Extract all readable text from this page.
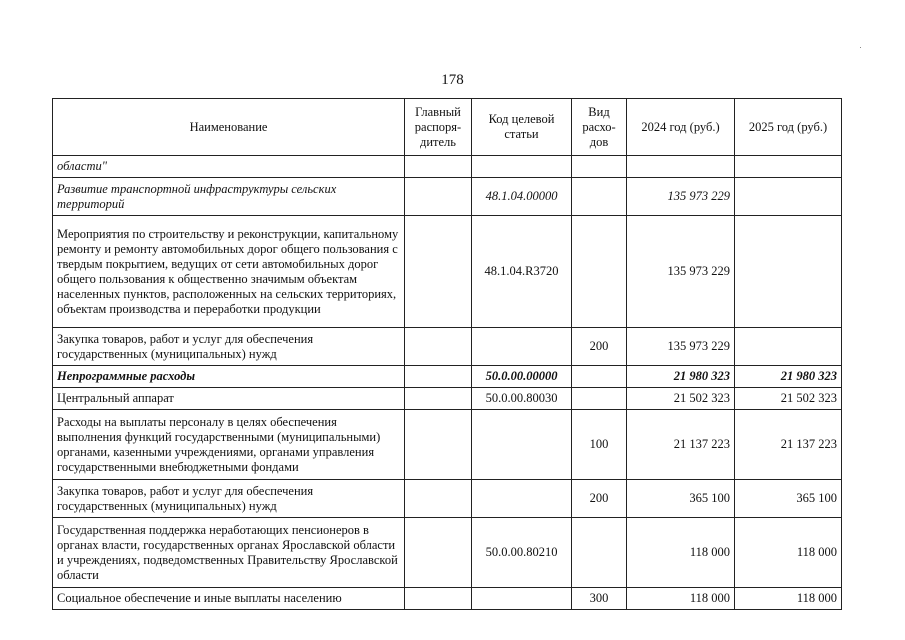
178
Наименование	Главный распоря-дитель	Код целевой статьи	Вид расхо-дов	2024 год (руб.)	2025 год (руб.)
области"					
Развитие транспортной инфраструктуры сельских территорий		48.1.04.00000		135 973 229	
Мероприятия по строительству и реконструкции, капитальному ремонту и ремонту автомобильных дорог общего пользования с твердым покрытием, ведущих от сети автомобильных дорог общего пользования к общественно значимым объектам населенных пунктов, расположенных на сельских территориях, объектам производства и переработки продукции		48.1.04.R3720		135 973 229	
Закупка товаров, работ и услуг для обеспечения государственных (муниципальных) нужд			200	135 973 229	
Непрограммные расходы		50.0.00.00000		21 980 323	21 980 323
Центральный аппарат		50.0.00.80030		21 502 323	21 502 323
Расходы на выплаты персоналу в целях обеспечения выполнения функций государственными (муниципальными) органами, казенными учреждениями, органами управления государственными внебюджетными фондами			100	21 137 223	21 137 223
Закупка товаров, работ и услуг для обеспечения государственных (муниципальных) нужд			200	365 100	365 100
Государственная поддержка неработающих пенсионеров в органах власти, государственных органах Ярославской области и учреждениях, подведомственных Правительству Ярославской области		50.0.00.80210		118 000	118 000
Социальное обеспечение и иные выплаты населению			300	118 000	118 000
